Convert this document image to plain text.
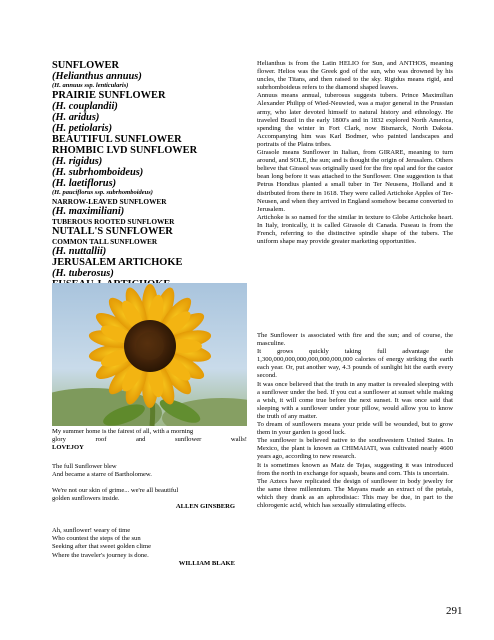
SUNFLOWER

(Helianthus annuus)

(H. annuus ssp. lenticularis)

PRAIRIE SUNFLOWER

(H. couplandii)

(H. aridus)

(H. petiolaris)

BEAUTIFUL SUNFLOWER

RHOMBIC LVD SUNFLOWER

(H. rigidus)

(H. subrhomboideus)

(H. laetiflorus)

(H. pauciflorus ssp. subrhomboideus)

NARROW-LEAVED SUNFLOWER

(H. maximiliani)

TUBEROUS ROOTED SUNFLOWER

NUTALL'S SUNFLOWER

COMMON TALL SUNFLOWER

(H. nuttallii)

JERUSALEM ARTICHOKE

(H. tuberosus)

My summer home is the fairest of all, with a morning

glory roof and sunflower walls!

LOVEJOY

The full Sunflower blew

And became a starre of Bartholomew.

We're not our skin of grime... we're all beautiful

golden sunflowers inside.

ALLEN GINSBERG

Ah, sunflower! weary of time

Who countest the steps of the sun

Seeking after that sweet golden clime

Where the traveler's journey is done.

WILLIAM BLAKE

Helianthus is from the Latin HELIO for Sun, and ANTHOS, meaning flower. Helios was the Greek god of the sun, who was drowned by his uncles, the Titans, and then raised to the sky. Rigidus means rigid, and subrhomboideus refers to the diamond shaped leaves.

Annuus means annual, tuberosus suggests tubers. Prince Maximilian Alexander Philipp of Wied-Neuwied, was a major general in the Prussian army, who later devoted himself to natural history and ethnology. He traveled Brazil in the early 1800's and in 1832 explored North America, spending the winter in Fort Clark, now Bismarck, North Dakota. Accompanying him was Karl Bodmer, who painted landscapes and portraits of the Plains tribes.

Girasole means Sunflower in Italian, from GIRARE, meaning to turn around, and SOLE, the sun; and is thought the origin of Jerusalem. Others believe that Girasol was originally used for the fire opal and for the castor bean long before it was attached to the Sunflower. One suggestion is that Petrus Hondius planted a small tuber in Ter Neusens, Holland and it distributed from there in 1618. They were called Artichoke Apples of Ter-Neusen, and when they arrived in England somehow became converted to Jerusalem.

Artichoke is so named for the similar in texture to Globe Artichoke heart. In Italy, ironically, it is called Girasole di Canada. Fuseau is from the French, referring to the distinctive spindle shape of the tubers. The uniform shape may provide greater marketing opportunities.

The Sunflower is associated with fire and the sun; and of course, the masculine.

It grows quickly taking full advantage the 1,300,000,000,000,000,000,000,000 calories of energy striking the earth each year. Or, put another way, 4.3 pounds of sunlight hit the earth every second.

It was once believed that the truth in any matter is revealed sleeping with a sunflower under the bed. If you cut a sunflower at sunset while making a wish, it will come true before the next sunset. It was once said that sleeping with a sunflower under your pillow, would allow you to know the truth of any matter.

To dream of sunflowers means your pride will be wounded, but to grow them in your garden is good luck.

The sunflower is believed native to the southwestern United States. In Mexico, the plant is known as CHIMAIATI, was cultivated nearly 4600 years ago, according to new research.

It is sometimes known as Maiz de Tejas, suggesting it was introduced from the north in exchange for squash, beans and corn. This is uncertain.

The Aztecs have replicated the design of sunflower in body jewelry for the same three millennium. The Mayans made an extract of the petals, which they drank as an aphrodisiac: This may be due, in part to the chlorogenic acid, which has sexually stimulating effects.

291
